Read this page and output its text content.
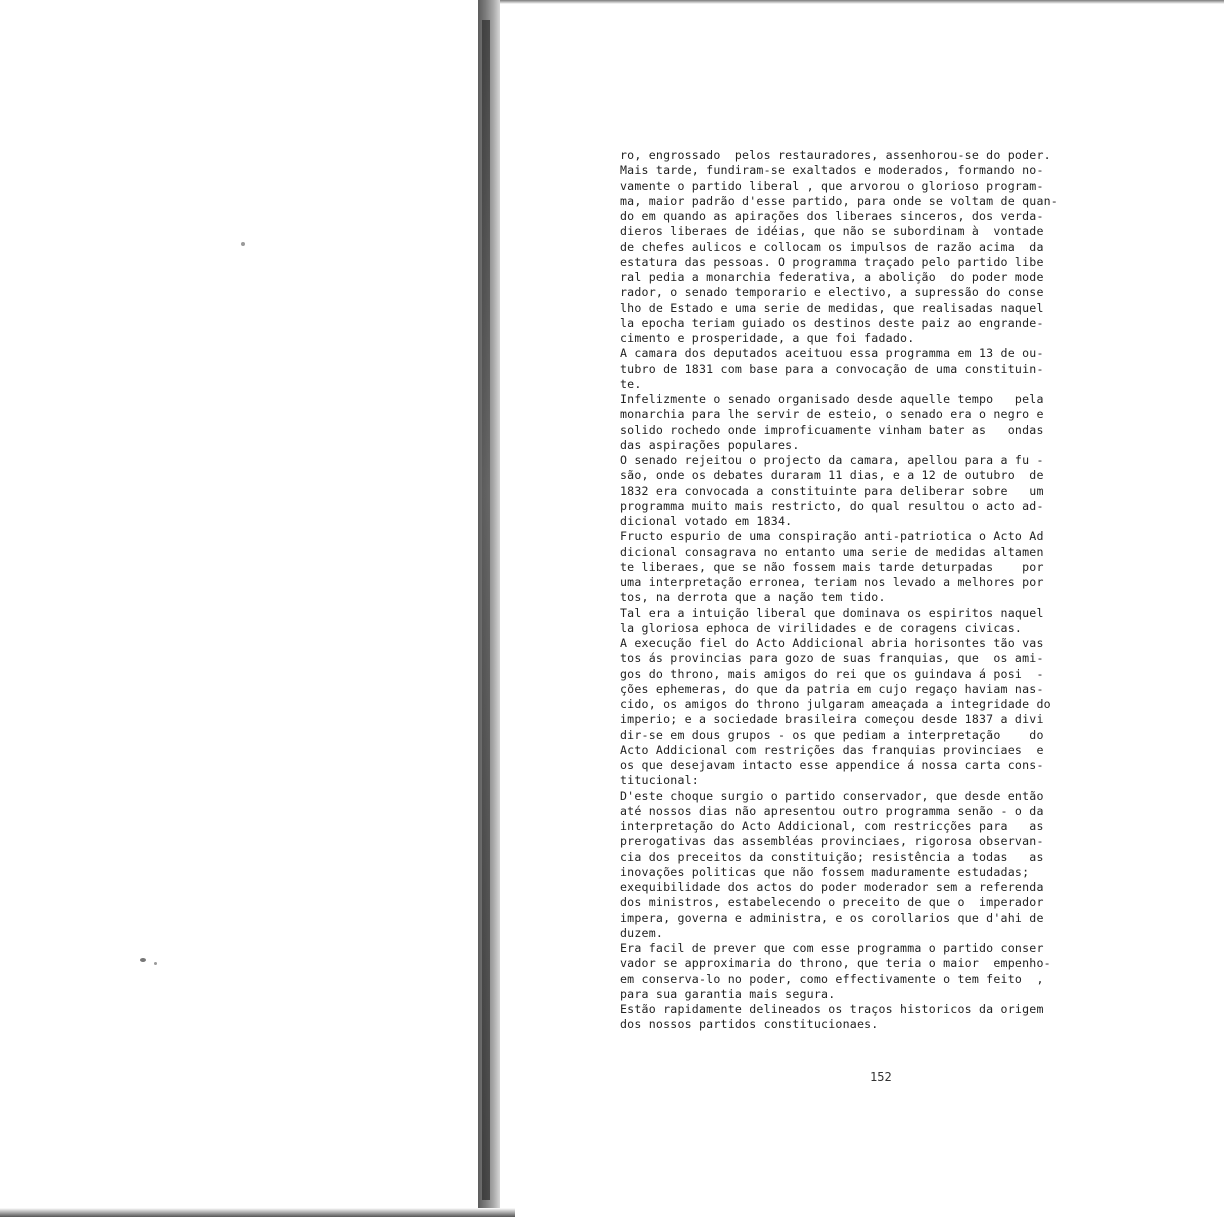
ro, engrossado  pelos restauradores, assenhorou-se do poder.
Mais tarde, fundiram-se exaltados e moderados, formando no-
vamente o partido liberal , que arvorou o glorioso program-
ma, maior padrão d'esse partido, para onde se voltam de quan-
do em quando as apirações dos liberaes sinceros, dos verda-
dieros liberaes de idéias, que não se subordinam à  vontade
de chefes aulicos e collocam os impulsos de razão acima  da
estatura das pessoas. O programma traçado pelo partido libe
ral pedia a monarchia federativa, a abolição  do poder mode
rador, o senado temporario e electivo, a supressão do conse
lho de Estado e uma serie de medidas, que realisadas naquel
la epocha teriam guiado os destinos deste paiz ao engrande-
cimento e prosperidade, a que foi fadado.
A camara dos deputados aceituou essa programma em 13 de ou-
tubro de 1831 com base para a convocação de uma constituin-
te.
Infelizmente o senado organisado desde aquelle tempo   pela
monarchia para lhe servir de esteio, o senado era o negro e
solido rochedo onde improficuamente vinham bater as   ondas
das aspirações populares.
O senado rejeitou o projecto da camara, apellou para a fu -
são, onde os debates duraram 11 dias, e a 12 de outubro  de
1832 era convocada a constituinte para deliberar sobre   um
programma muito mais restricto, do qual resultou o acto ad-
dicional votado em 1834.
Fructo espurio de uma conspiração anti-patriotica o Acto Ad
dicional consagrava no entanto uma serie de medidas altamen
te liberaes, que se não fossem mais tarde deturpadas    por
uma interpretação erronea, teriam nos levado a melhores por
tos, na derrota que a nação tem tido.
Tal era a intuição liberal que dominava os espiritos naquel
la gloriosa ephoca de virilidades e de coragens civicas.
A execução fiel do Acto Addicional abria horisontes tão vas
tos ás provincias para gozo de suas franquias, que  os ami-
gos do throno, mais amigos do rei que os guindava á posi  -
ções ephemeras, do que da patria em cujo regaço haviam nas-
cido, os amigos do throno julgaram ameaçada a integridade do
imperio; e a sociedade brasileira começou desde 1837 a divi
dir-se em dous grupos - os que pediam a interpretação    do
Acto Addicional com restrições das franquias provinciaes  e
os que desejavam intacto esse appendice á nossa carta cons-
titucional:
D'este choque surgio o partido conservador, que desde então
até nossos dias não apresentou outro programma senão - o da
interpretação do Acto Addicional, com restricções para   as
prerogativas das assembléas provinciaes, rigorosa observan-
cia dos preceitos da constituição; resistência a todas   as
inovações politicas que não fossem maduramente estudadas;
exequibilidade dos actos do poder moderador sem a referenda
dos ministros, estabelecendo o preceito de que o  imperador
impera, governa e administra, e os corollarios que d'ahi de
duzem.
Era facil de prever que com esse programma o partido conser
vador se approximaria do throno, que teria o maior  empenho-
em conserva-lo no poder, como effectivamente o tem feito  ,
para sua garantia mais segura.
Estão rapidamente delineados os traços historicos da origem
dos nossos partidos constitucionaes.
152
